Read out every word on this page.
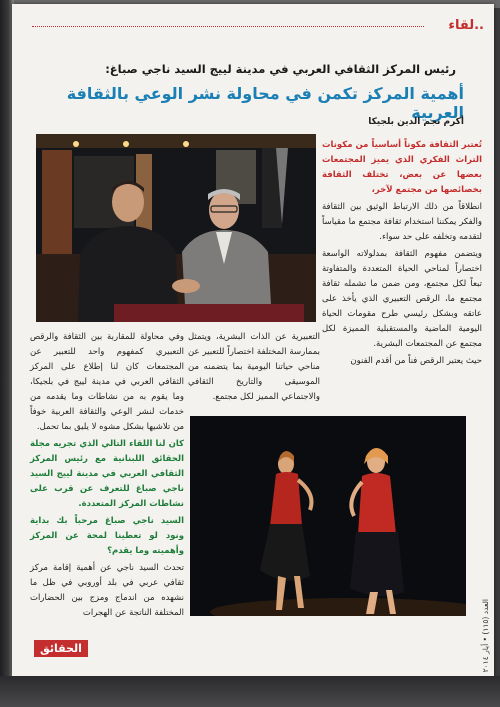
لقاء..
رئيس المركز الثقافي العربي في مدينة لييج السيد ناجي صباغ:
أهمية المركز تكمن في محاولة نشر الوعي بالثقافة العربية
أكرم نجم الدين بلجيكا

تُعتبر الثقافة مكوناً أساسياً من مكونات التراث الفكري الذي يميز المجتمعات بعضها عن بعض، تختلف الثقافة بخصائصها من مجتمع لآخر،

انطلاقاً من ذلك الارتباط الوثيق بين الثقافة والفكر يمكننا استخدام ثقافة مجتمع ما مقياساً لتقدمه وتخلفه على حد سواء.

ويتضمن مفهوم الثقافة بمدلولاته الواسعة اختصاراً لمناحي الحياة المتعددة والمتفاوتة تبعاً لكل مجتمع، ومن ضمن ما تشمله ثقافة مجتمع ما، الرقص التعبيري الذي يأخذ على عاتقه وبشكل رئيسي طرح مقومات الحياة اليومية الماضية والمستقبلية المميزة لكل مجتمع عن المجتمعات البشرية.

حيث يعتبر الرقص فناً من أقدم الفنون

التعبيرية عن الذات البشرية، ويتمثل بممارسة المختلفة اختصاراً للتعبير عن مناحي حياتنا اليومية بما يتضمنه من الموسيقى والتاريخ الثقافي والاجتماعي المميز لكل مجتمع.

وفي محاولة للمقاربة بين الثقافة والرقص التعبيري كمفهوم واحد للتعبير عن المجتمعات كان لنا إطلاع على المركز الثقافي العربي في مدينة لييج في بلجيكا، وما يقوم به من نشاطات وما يقدمه من خدمات لنشر الوعي والثقافة العربية خوفاً من تلاشيها بشكل مشوه لا يليق بما تحمل.

كان لنا اللقاء التالي الذي تجريه مجلة الحقائق اللبنانية مع رئيس المركز الثقافي العربي في مدينة لييج السيد ناجي صباغ للتعرف عن قرب على نشاطات المركز المتعددة.

السيد ناجي صباغ مرحباً بك بداية ونود لو تعطينا لمحة عن المركز وأهميته وما يقدم؟

تحدث السيد ناجي عن أهمية إقامة مركز ثقافي عربي في بلد أوروبي في ظل ما نشهده من اندماج ومزج بين الحضارات المختلفة الناتجة عن الهجرات

الحقائق
العدد (١١٥) • أيار ٢٠١٤
